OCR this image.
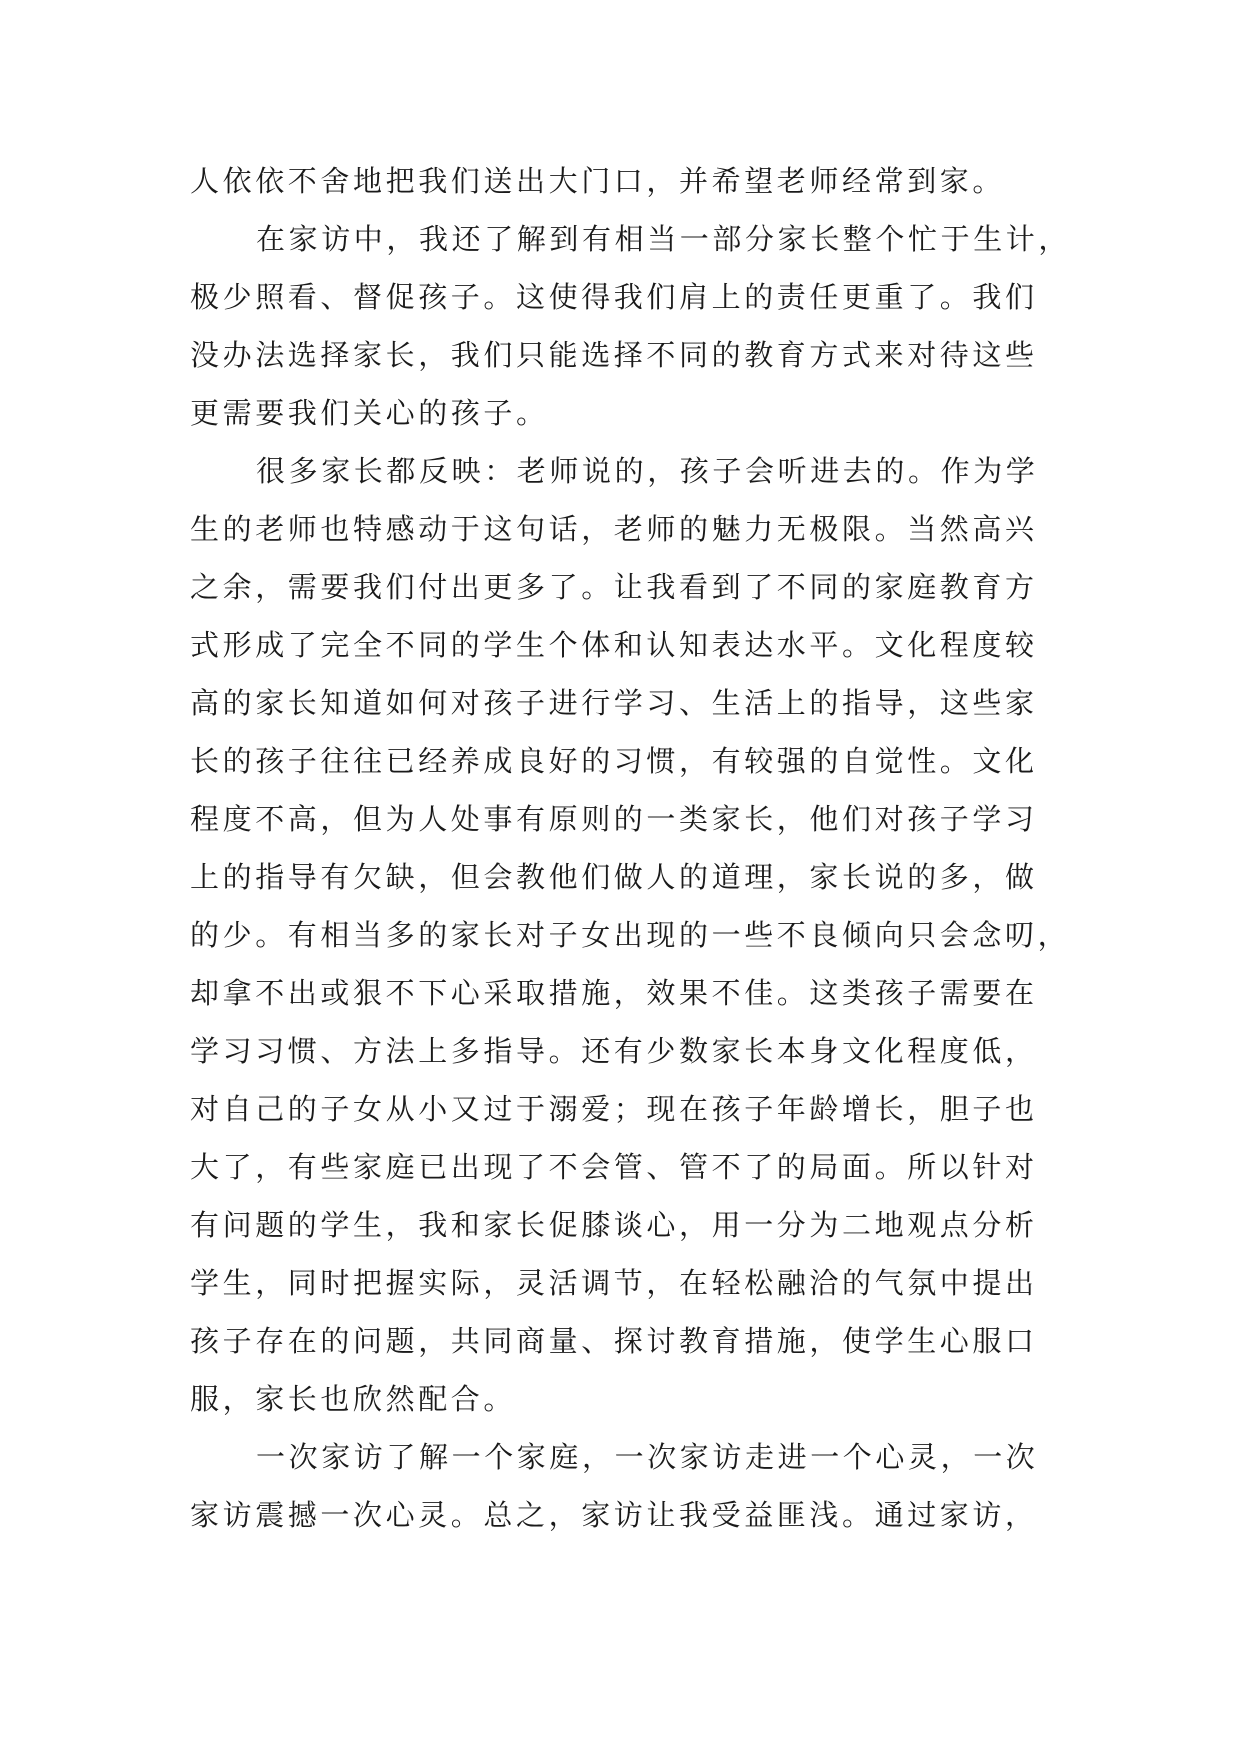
人依依不舍地把我们送出大门口，并希望老师经常到家。
在家访中，我还了解到有相当一部分家长整个忙于生计，
极少照看、督促孩子。这使得我们肩上的责任更重了。我们
没办法选择家长，我们只能选择不同的教育方式来对待这些
更需要我们关心的孩子。
很多家长都反映：老师说的，孩子会听进去的。作为学
生的老师也特感动于这句话，老师的魅力无极限。当然高兴
之余，需要我们付出更多了。让我看到了不同的家庭教育方
式形成了完全不同的学生个体和认知表达水平。文化程度较
高的家长知道如何对孩子进行学习、生活上的指导，这些家
长的孩子往往已经养成良好的习惯，有较强的自觉性。文化
程度不高，但为人处事有原则的一类家长，他们对孩子学习
上的指导有欠缺，但会教他们做人的道理，家长说的多，做
的少。有相当多的家长对子女出现的一些不良倾向只会念叨，
却拿不出或狠不下心采取措施，效果不佳。这类孩子需要在
学习习惯、方法上多指导。还有少数家长本身文化程度低，
对自己的子女从小又过于溺爱；现在孩子年龄增长，胆子也
大了，有些家庭已出现了不会管、管不了的局面。所以针对
有问题的学生，我和家长促膝谈心，用一分为二地观点分析
学生，同时把握实际，灵活调节，在轻松融洽的气氛中提出
孩子存在的问题，共同商量、探讨教育措施，使学生心服口
服，家长也欣然配合。
一次家访了解一个家庭，一次家访走进一个心灵，一次
家访震撼一次心灵。总之，家访让我受益匪浅。通过家访，
